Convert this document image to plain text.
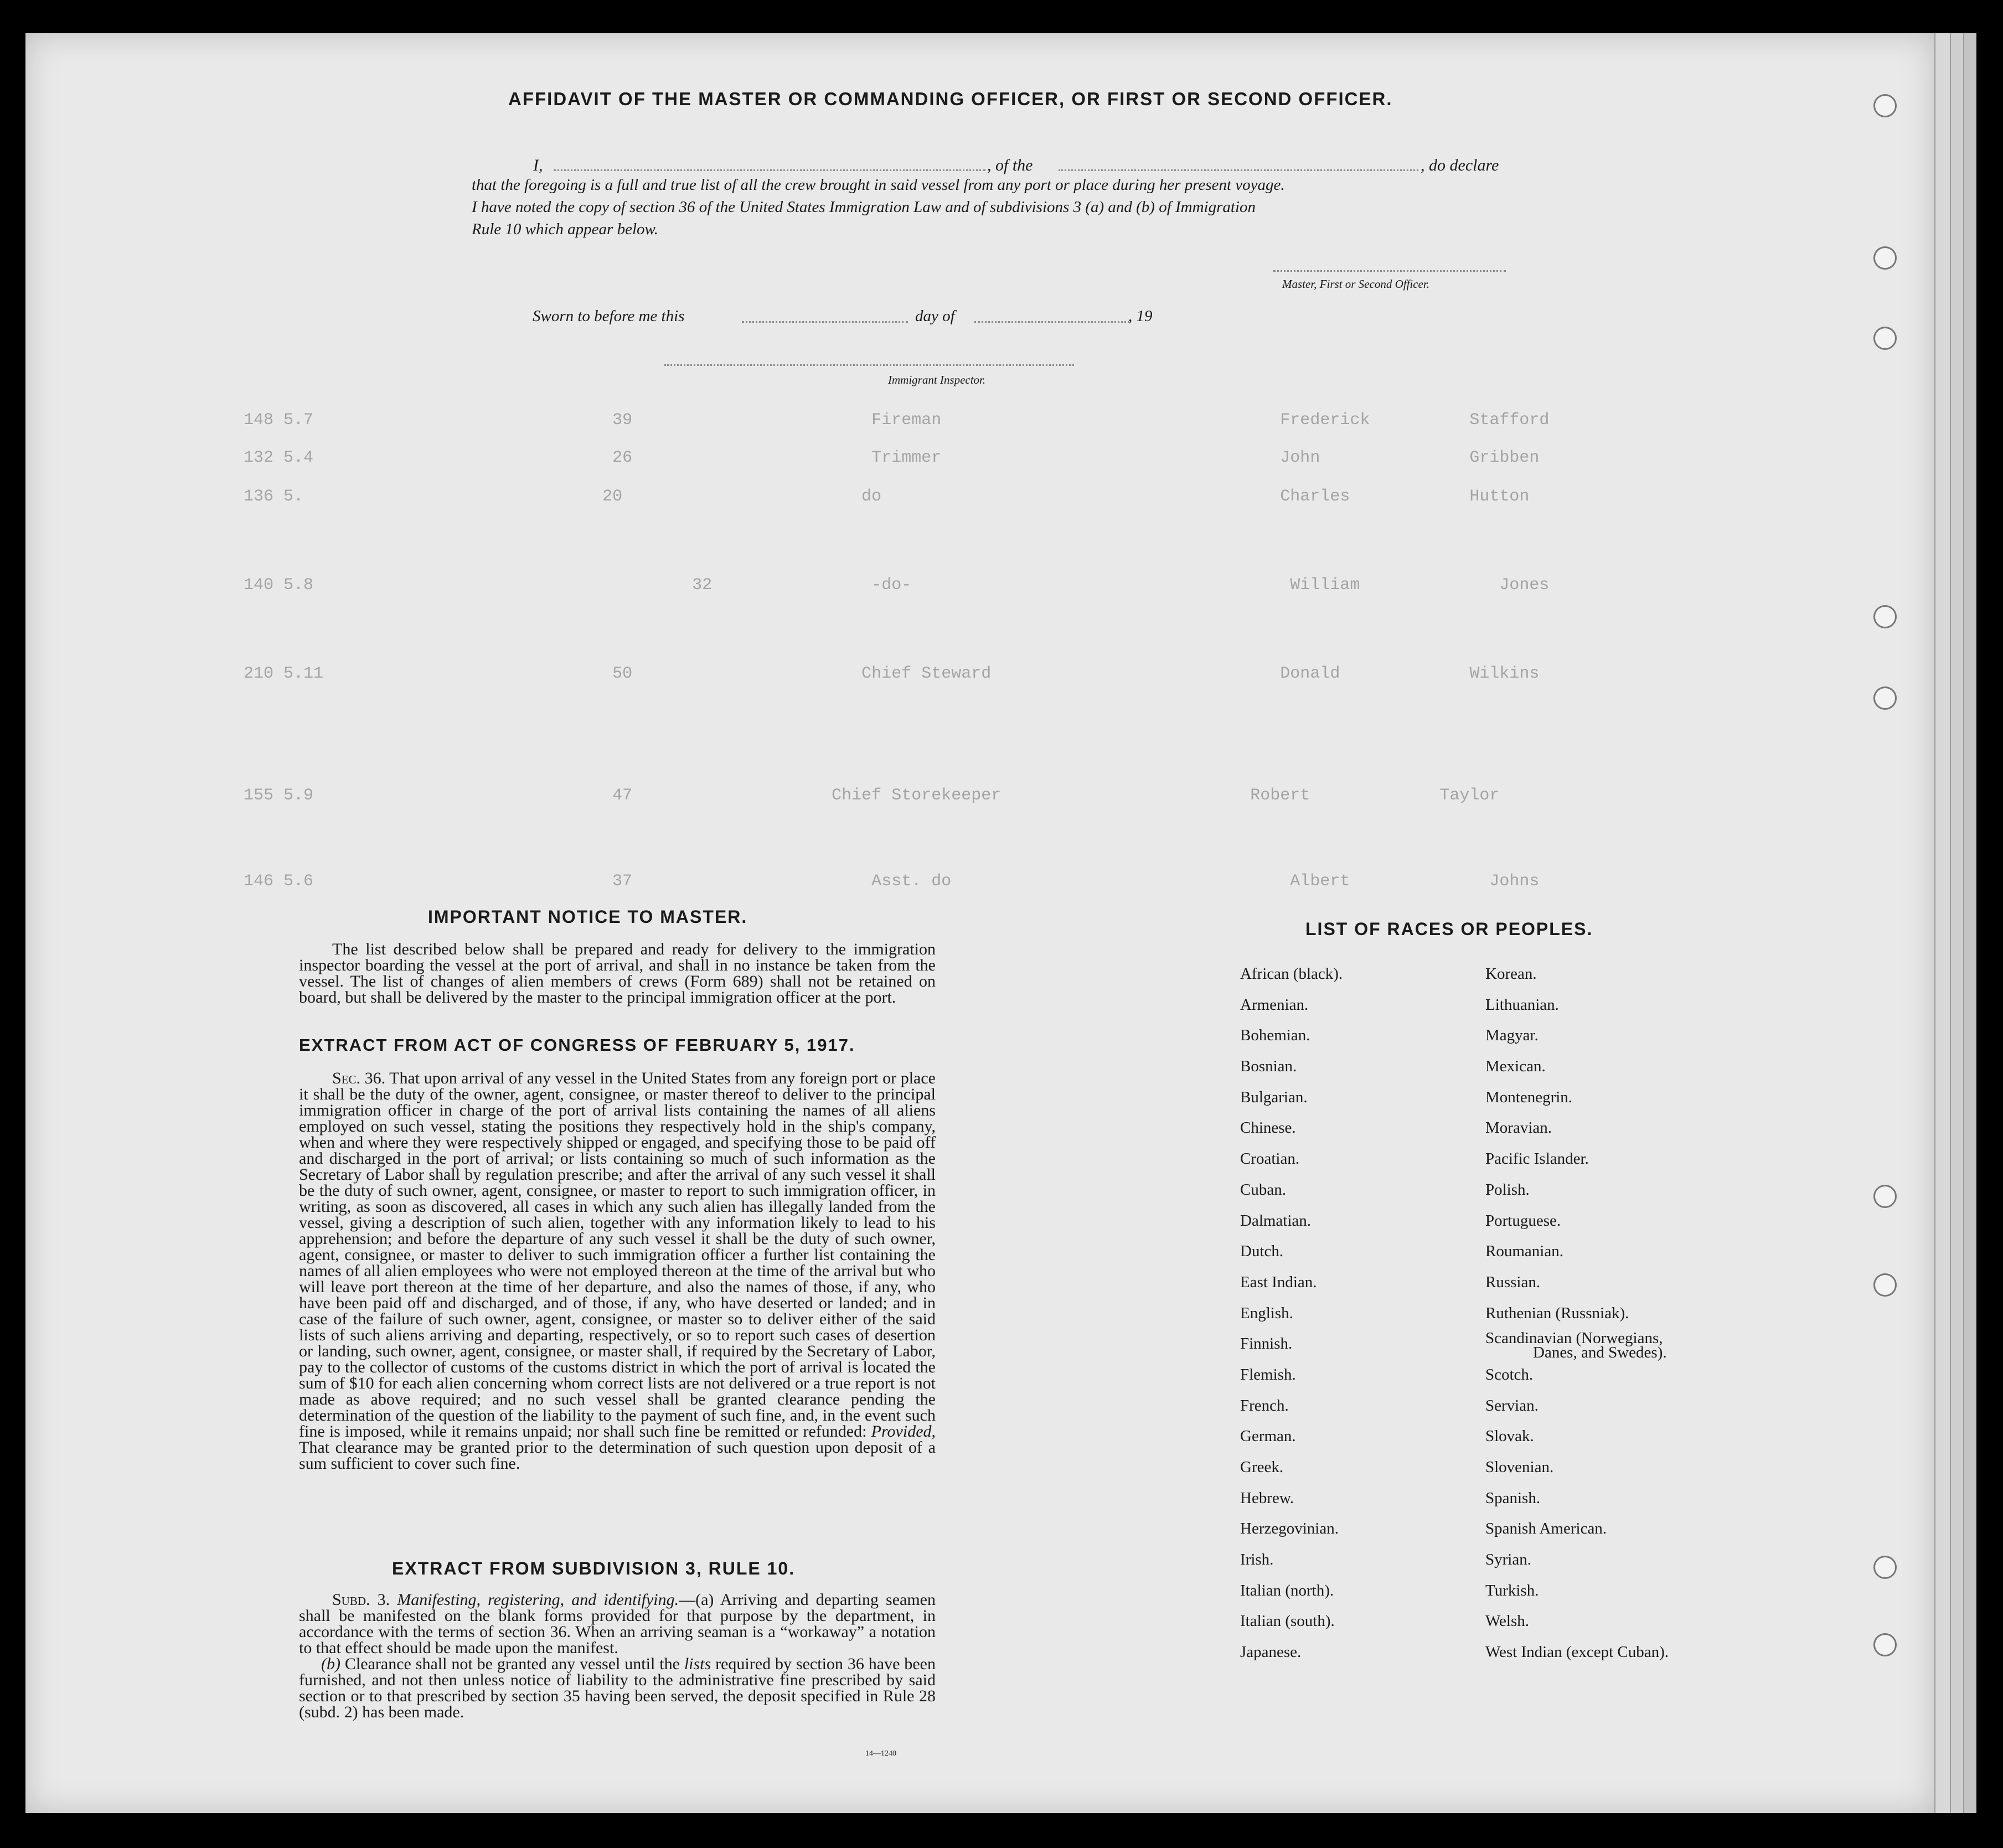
148 5.7                              39                        Fireman                                  Frederick          Stafford
132 5.4                              26                        Trimmer                                  John               Gribben
136 5.                              20                        do                                        Charles            Hutton
140 5.8                                      32                -do-                                      William              Jones
210 5.11                             50                       Chief Steward                             Donald             Wilkins
155 5.9                              47                    Chief Storekeeper                         Robert             Taylor
146 5.6                              37                        Asst. do                                  Albert              Johns
AFFIDAVIT OF THE MASTER OR COMMANDING OFFICER, OR FIRST OR SECOND OFFICER.
I,	, of the	, do declare
that the foregoing is a full and true list of all the crew brought in said vessel from any port or place during her present voyage.
I have noted the copy of section 36 of the United States Immigration Law and of subdivisions 3 (a) and (b) of Immigration
Rule 10 which appear below.
Master, First or Second Officer.
Sworn to before me this	day of	, 19
Immigrant Inspector.
IMPORTANT NOTICE TO MASTER.
The list described below shall be prepared and ready for delivery to the immigration inspector boarding the vessel at the port of arrival, and shall in no instance be taken from the vessel. The list of changes of alien members of crews (Form 689) shall not be retained on board, but shall be delivered by the master to the principal immigration officer at the port.
EXTRACT FROM ACT OF CONGRESS OF FEBRUARY 5, 1917.

Sec. 36. That upon arrival of any vessel in the United States from any foreign port or place it shall be the duty of the owner, agent, consignee, or master thereof to deliver to the principal immigration officer in charge of the port of arrival lists containing the names of all aliens employed on such vessel, stating the positions they respectively hold in the ship's company, when and where they were respectively shipped or engaged, and specifying those to be paid off and discharged in the port of arrival; or lists containing so much of such information as the Secretary of Labor shall by regulation prescribe; and after the arrival of any such vessel it shall be the duty of such owner, agent, consignee, or master to report to such immigration officer, in writing, as soon as discovered, all cases in which any such alien has illegally landed from the vessel, giving a description of such alien, together with any information likely to lead to his apprehension; and before the departure of any such vessel it shall be the duty of such owner, agent, consignee, or master to deliver to such immigration officer a further list containing the names of all alien employees who were not employed thereon at the time of the arrival but who will leave port thereon at the time of her departure, and also the names of those, if any, who have been paid off and discharged, and of those, if any, who have deserted or landed; and in case of the failure of such owner, agent, consignee, or master so to deliver either of the said lists of such aliens arriving and departing, respectively, or so to report such cases of desertion or landing, such owner, agent, consignee, or master shall, if required by the Secretary of Labor, pay to the collector of customs of the customs district in which the port of arrival is located the sum of $10 for each alien concerning whom correct lists are not delivered or a true report is not made as above required; and no such vessel shall be granted clearance pending the determination of the question of the liability to the payment of such fine, and, in the event such fine is imposed, while it remains unpaid; nor shall such fine be remitted or refunded: Provided, That clearance may be granted prior to the determination of such question upon deposit of a sum sufficient to cover such fine.

EXTRACT FROM SUBDIVISION 3, RULE 10.

Subd. 3. Manifesting, registering, and identifying.—(a) Arriving and departing seamen shall be manifested on the blank forms provided for that purpose by the department, in accordance with the terms of section 36. When an arriving seaman is a “workaway” a notation to that effect should be made upon the manifest.

(b) Clearance shall not be granted any vessel until the lists required by section 36 have been furnished, and not then unless notice of liability to the administrative fine prescribed by said section or to that prescribed by section 35 having been served, the deposit specified in Rule 28 (subd. 2) has been made.

14—1240
LIST OF RACES OR PEOPLES.
African (black).
Armenian.
Bohemian.
Bosnian.
Bulgarian.
Chinese.
Croatian.
Cuban.
Dalmatian.
Dutch.
East Indian.
English.
Finnish.
Flemish.
French.
German.
Greek.
Hebrew.
Herzegovinian.
Irish.
Italian (north).
Italian (south).
Japanese.
Korean.
Lithuanian.
Magyar.
Mexican.
Montenegrin.
Moravian.
Pacific Islander.
Polish.
Portuguese.
Roumanian.
Russian.
Ruthenian (Russniak).
Scandinavian (Norwegians,
Danes, and Swedes).
Scotch.
Servian.
Slovak.
Slovenian.
Spanish.
Spanish American.
Syrian.
Turkish.
Welsh.
West Indian (except Cuban).
